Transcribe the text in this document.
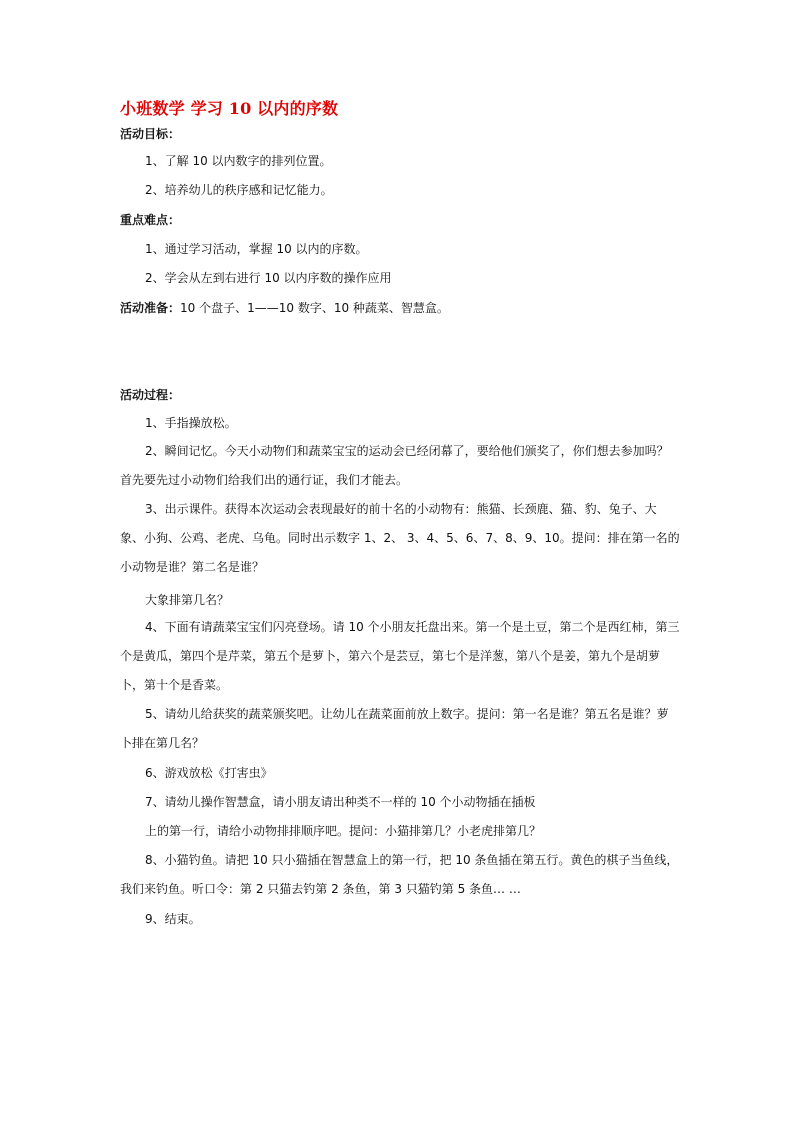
小班数学 学习 10 以内的序数
活动目标：
1、了解 10 以内数字的排列位置。
2、培养幼儿的秩序感和记忆能力。
重点难点：
1、通过学习活动，掌握 10 以内的序数。
2、学会从左到右进行 10 以内序数的操作应用
活动准备：10 个盘子、1——10 数字、10 种蔬菜、智慧盒。
活动过程：
1、手指操放松。
2、瞬间记忆。今天小动物们和蔬菜宝宝的运动会已经闭幕了，要给他们颁奖了，你们想去参加吗？首先要先过小动物们给我们出的通行证，我们才能去。
3、出示课件。获得本次运动会表现最好的前十名的小动物有：熊猫、长颈鹿、猫、豹、兔子、大象、小狗、公鸡、老虎、乌龟。同时出示数字 1、2、 3、4、5、6、7、8、9、10。提问：排在第一名的小动物是谁？第二名是谁？
大象排第几名？
4、下面有请蔬菜宝宝们闪亮登场。请 10 个小朋友托盘出来。第一个是土豆，第二个是西红柿，第三个是黄瓜，第四个是芹菜，第五个是萝卜，第六个是芸豆，第七个是洋葱，第八个是姜，第九个是胡萝卜，第十个是香菜。
5、请幼儿给获奖的蔬菜颁奖吧。让幼儿在蔬菜面前放上数字。提问：第一名是谁？第五名是谁？萝卜排在第几名？
6、游戏放松《打害虫》
7、请幼儿操作智慧盒，请小朋友请出种类不一样的 10 个小动物插在插板
上的第一行，请给小动物排排顺序吧。提问：小猫排第几？小老虎排第几？
8、小猫钓鱼。请把 10 只小猫插在智慧盒上的第一行，把 10 条鱼插在第五行。黄色的棋子当鱼线，我们来钓鱼。听口令：第 2 只猫去钓第 2 条鱼，第 3 只猫钓第 5 条鱼… …
9、结束。
